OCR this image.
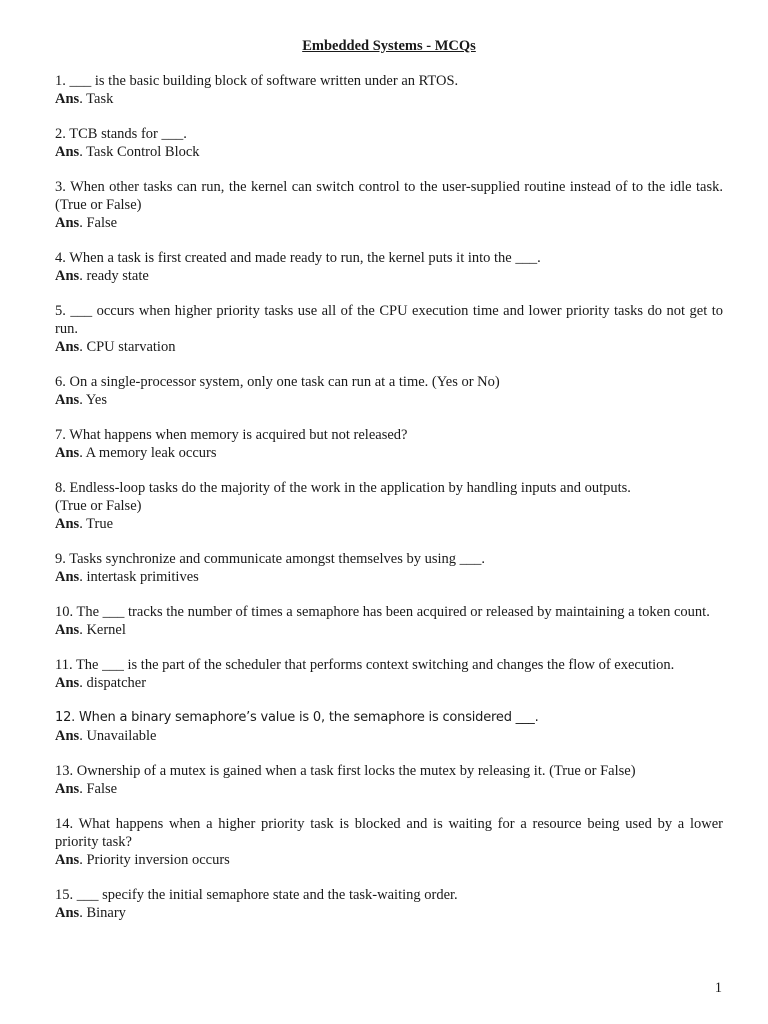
Embedded Systems - MCQs

1. ___ is the basic building block of software written under an RTOS.

Ans. Task

2. TCB stands for ___.

Ans. Task Control Block

3. When other tasks can run, the kernel can switch control to the user-supplied routine instead of to the idle task. (True or False)

Ans. False

4. When a task is first created and made ready to run, the kernel puts it into the ___.

Ans. ready state

5. ___ occurs when higher priority tasks use all of the CPU execution time and lower priority tasks do not get to run.

Ans. CPU starvation

6. On a single-processor system, only one task can run at a time. (Yes or No)

Ans. Yes

7. What happens when memory is acquired but not released?

Ans. A memory leak occurs

8. Endless-loop tasks do the majority of the work in the application by handling inputs and outputs.

(True or False)

Ans. True

9. Tasks synchronize and communicate amongst themselves by using ___.

Ans. intertask primitives

10. The ___ tracks the number of times a semaphore has been acquired or released by maintaining a token count.

Ans. Kernel

11. The ___ is the part of the scheduler that performs context switching and changes the flow of execution.

Ans. dispatcher

12. When a binary semaphore’s value is 0, the semaphore is considered ___.

Ans. Unavailable

13. Ownership of a mutex is gained when a task first locks the mutex by releasing it. (True or False)

Ans. False

14. What happens when a higher priority task is blocked and is waiting for a resource being used by a lower priority task?

Ans. Priority inversion occurs

15. ___ specify the initial semaphore state and the task-waiting order.

Ans. Binary

1
